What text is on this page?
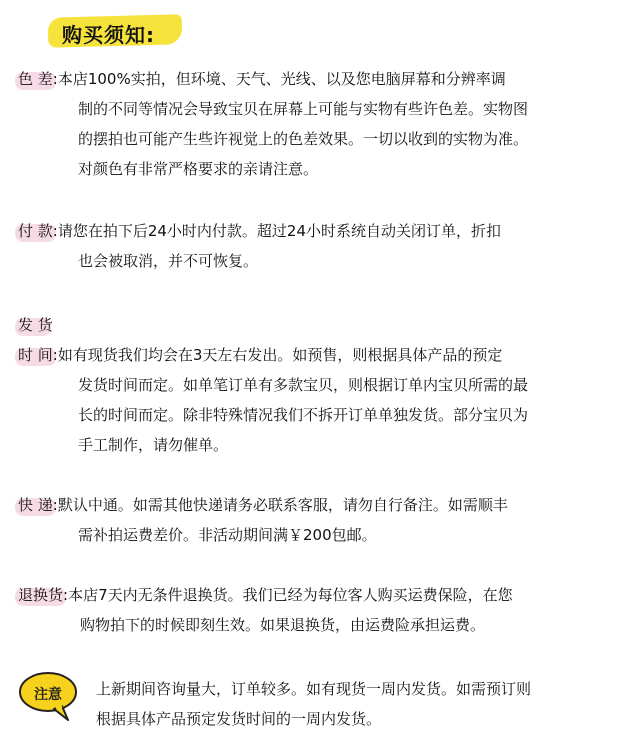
购买须知:
色 差:本店100%实拍，但环境、天气、光线、以及您电脑屏幕和分辨率调
制的不同等情况会导致宝贝在屏幕上可能与实物有些许色差。实物图
的摆拍也可能产生些许视觉上的色差效果。一切以收到的实物为准。
对颜色有非常严格要求的亲请注意。
付 款:请您在拍下后24小时内付款。超过24小时系统自动关闭订单，折扣
也会被取消，并不可恢复。
发 货
时 间:如有现货我们均会在3天左右发出。如预售，则根据具体产品的预定
发货时间而定。如单笔订单有多款宝贝，则根据订单内宝贝所需的最
长的时间而定。除非特殊情况我们不拆开订单单独发货。部分宝贝为
手工制作，请勿催单。
快 递:默认中通。如需其他快递请务必联系客服，请勿自行备注。如需顺丰
需补拍运费差价。非活动期间满￥200包邮。
退换货:本店7天内无条件退换货。我们已经为每位客人购买运费保险，在您
购物拍下的时候即刻生效。如果退换货，由运费险承担运费。
注意	上新期间咨询量大，订单较多。如有现货一周内发货。如需预订则
根据具体产品预定发货时间的一周内发货。
